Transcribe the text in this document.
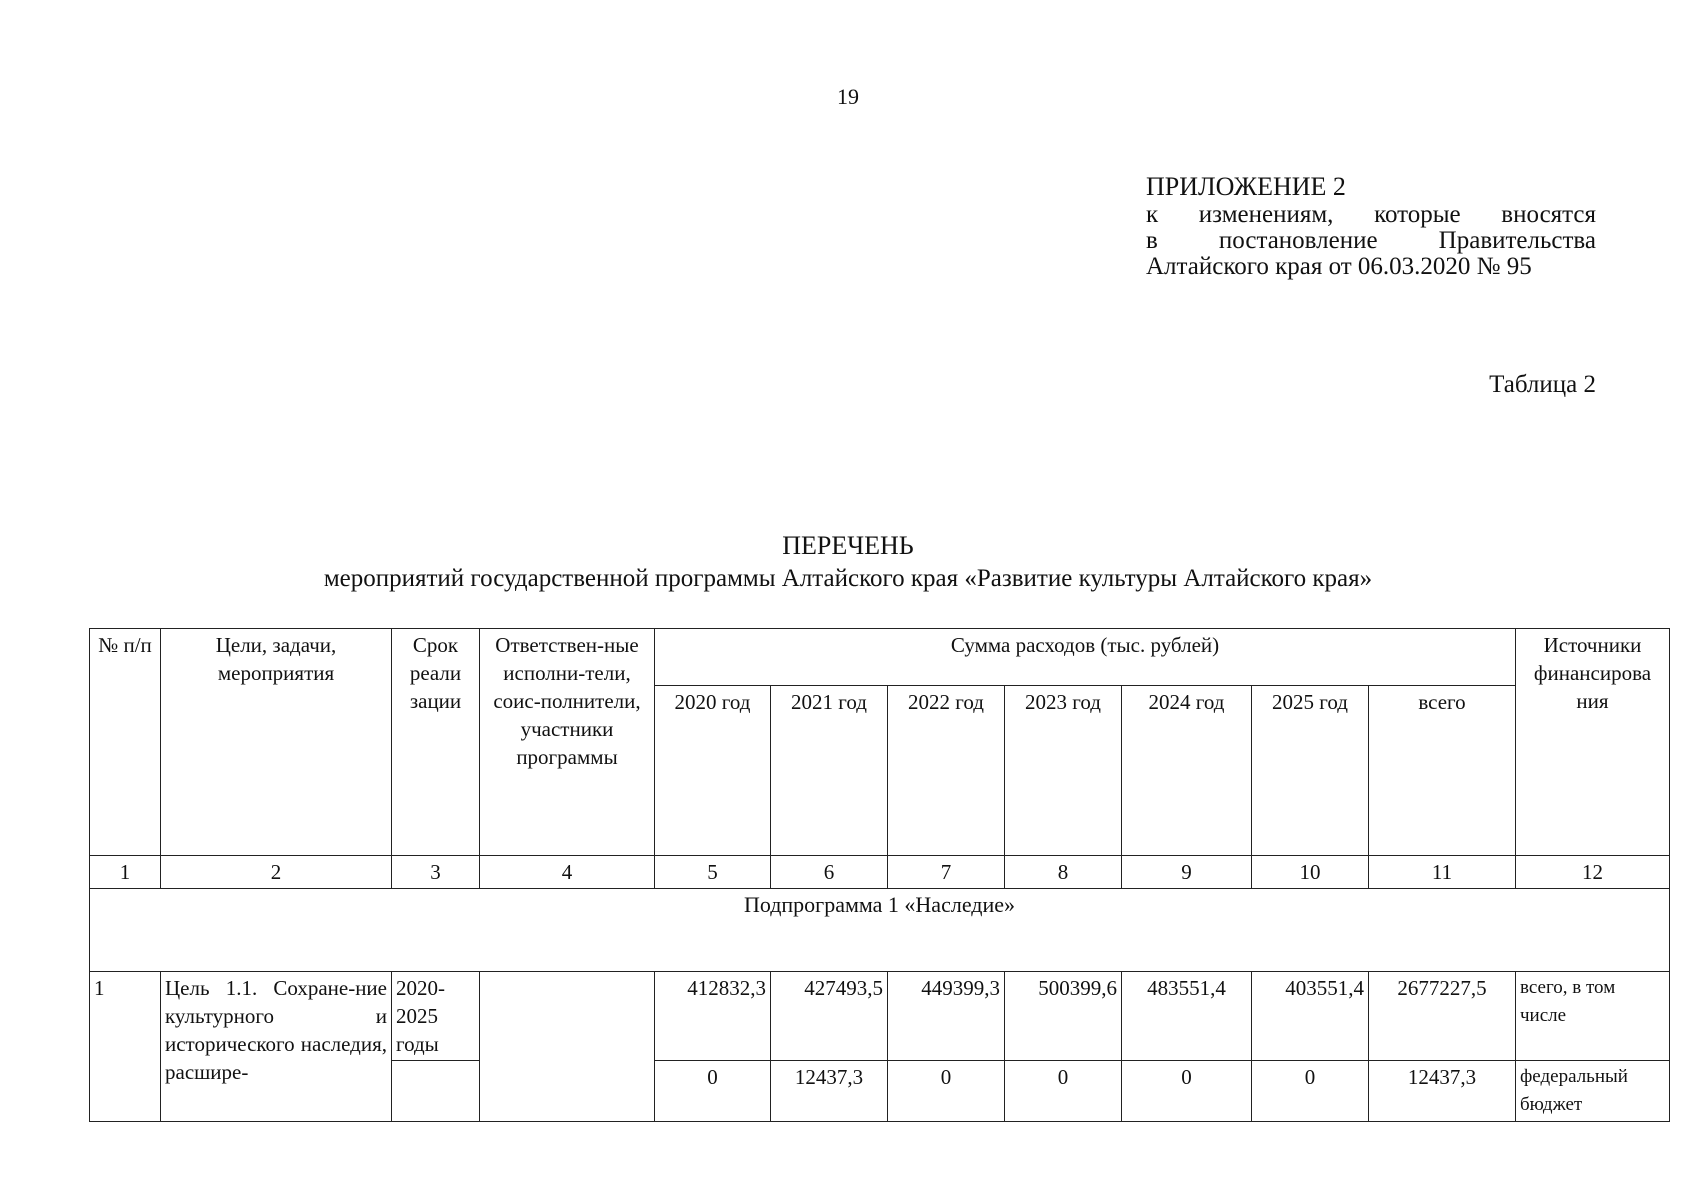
19
ПРИЛОЖЕНИЕ 2
к изменениям, которые вносятся
в постановление Правительства
Алтайского края от 06.03.2020 № 95
Таблица 2
ПЕРЕЧЕНЬ
мероприятий государственной программы Алтайского края «Развитие культуры Алтайского края»
№ п/п	Цели, задачи, мероприятия	Срок реали зации	Ответствен-ные исполни-тели, соис-полнители, участники программы	Сумма расходов (тыс. рублей)							Источники финансирова ния
				2020 год	2021 год	2022 год	2023 год	2024 год	2025 год	всего	
1	2	3	4	5	6	7	8	9	10	11	12
Подпрограмма 1 «Наследие»											
1	Цель 1.1. Сохране-ние культурного и исторического наследия, расшире-	2020-2025 годы		412832,3	427493,5	449399,3	500399,6	483551,4	403551,4	2677227,5	всего, в том числе
				0	12437,3	0	0	0	0	12437,3	федеральный бюджет
